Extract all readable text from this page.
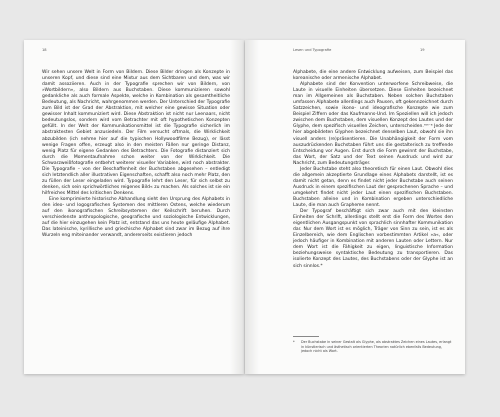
18

Wir sehen unsere Welt in Form von Bildern. Diese Bilder dringen als Konzepte in unseren Kopf, und diese sind eine Mixtur aus dem Sichtbaren und dem, was wir damit assoziieren. Auch in der Typografie sprechen wir von Bildern, von »Wortbildern«, also Bildern aus Buchstaben. Diese kommunizieren sowohl gedankliche als auch formale Aspekte, welche in Kombination als gesamtheitliche Bedeutung, als Nachricht, wahrgenommen werden. Der Unterschied der Typografie zum Bild ist der Grad der Abstraktion, mit welcher eine gewisse Situation oder gewisser Inhalt kommuniziert wird. Diese Abstraktion ist nicht nur Leenaars, nicht bedeutungslos, sondern wird vom Betrachter mit oft hypothetischen Konzepten gefüllt. In der Welt der Kommunikationsmittel ist die Typografie sicherlich im abstraktesten Gebiet anzusiedeln. Der Film versucht oftmals, die Wirklichkeit abzubilden (ich nehme hier auf die typischen Hollywoodfilme Bezug), er lässt wenige Fragen offen, erzeugt also in den meisten Fällen nur geringe Distanz, wenig Platz für eigene Gedanken des Betrachters. Die Fotografie distanziert sich durch die Momentaufnahme schon weiter von der Wirklichkeit. Die Schwarzweißfotografie entbehrt weiterer visueller Variablen, wird noch abstrakter. Die Typografie – von der Beschaffenheit der Buchstaben abgesehen – entledigt sich letztendlich aller illustrativen Eigenschaften, schafft also noch mehr Platz, den zu füllen der Leser eingeladen wird. Typografie lehrt den Leser, für sich selbst zu denken, sich sein sprichwörtliches reigenes Bild« zu machen. Als solches ist sie ein hilfreiches Mittel des kritischen Denkens.

Eine komprimierte historische Abhandlung sieht den Ursprung des Alphabets in den ideo- und logografischen Systemen des mittleren Ostens, welche wiederum auf den ikonografischen Schreibsystemen der Keilschrift beruhen. Durch verschiedenste anthropologische, geografische und soziologische Entwicklungen, auf die hier einzugehen kein Platz ist, entstand das uns heute geläufige Alphabet. Das lateinische, kyrillische und griechische Alphabet sind zwar im Bezug auf ihre Wurzeln eng miteinander verwandt, andererseits existieren jedoch

Lesen und Typografie	19

Alphabete, die eine andere Entwicklung aufweisen, zum Beispiel das koreanische oder armenische Alphabet.

Alphabete sind der Konvention unterworfene Schreibweise, die Laute in visuelle Einheiten übersetzen. Diese Einheiten bezeichnet man im Allgemeinen als Buchstaben. Neben solchen Buchstaben umfassen Alphabete allerdings auch Pausen, oft gekennzeichnet durch Satzzeichen, sowie ikono- und ideografische Konzepte wie zum Beispiel Ziffern oder das Kaufmanns-Und. Im Speziellen will ich jedoch zwischen dem Buchstaben, dem visuellen Konzept des Lautes und der Glyphe, dem spezifisch visuellen Zeichen, unterscheiden.ᵐⁿ⁻ᵃ Jede der hier abgebildeten Glyphen bezeichnet denselben Laut, obwohl sie ihn visuell anders (re)präsentieren. Die Unabhängigkeit der Form vom auszudrückenden Buchstaben führt uns die gestalterisch zu treffende Entscheidung vor Augen. Erst durch die Form gewinnt der Buchstabe, das Wort, der Satz und der Text seinen Ausdruck und wird zur Nachricht, zum Bedeutungsträger.

Jeder Buchstabe steht also theoretisch für einen Laut. Obwohl dies die allgemein akzeptierte Grundlage eines Alphabets darstellt, ist es damit nicht getan, denn es findet nicht jeder Buchstabe auch seinen Ausdruck in einem spezifischen Laut der gesprochenen Sprache – und umgekehrt findet nicht jeder Laut einen spezifischen Buchstaben. Buchstaben alleine und in Kombination ergeben unterschiedliche Laute, die man auch Grapheme nennt.

Der Typograf beschäftigt sich zwar auch mit den kleinsten Einheiten der Schrift, allerdings stellt erst die Form des Wortes den eigentlichen Ausgangspunkt von sprachlich sinnhafter Kommunikation dar. Nur dem Wort ist es möglich, Träger von Sinn zu sein, ist es als Einzelbereich, wie dem Englischen vorbestimmten Artikel »a«, oder jedoch häufiger in Kombination mit anderen Lauten oder Lettern. Nur dem Wort ist die Fähigkeit zu eigen, linguistische Information beziehungsweise syntaktische Bedeutung zu transportieren. Das isolierte Konzept des Lautes, des Buchstabens oder der Glyphe ist an sich sinnlos.*

*	Der Buchstabe in seiner Gestalt als Glyphe, als abstraktes Zeichen eines Lautes, erlangt in künstlerisch und ästhetisch orientierten Theorien natürlich ebenfalls Bedeutung, jedoch nicht als Wort.
